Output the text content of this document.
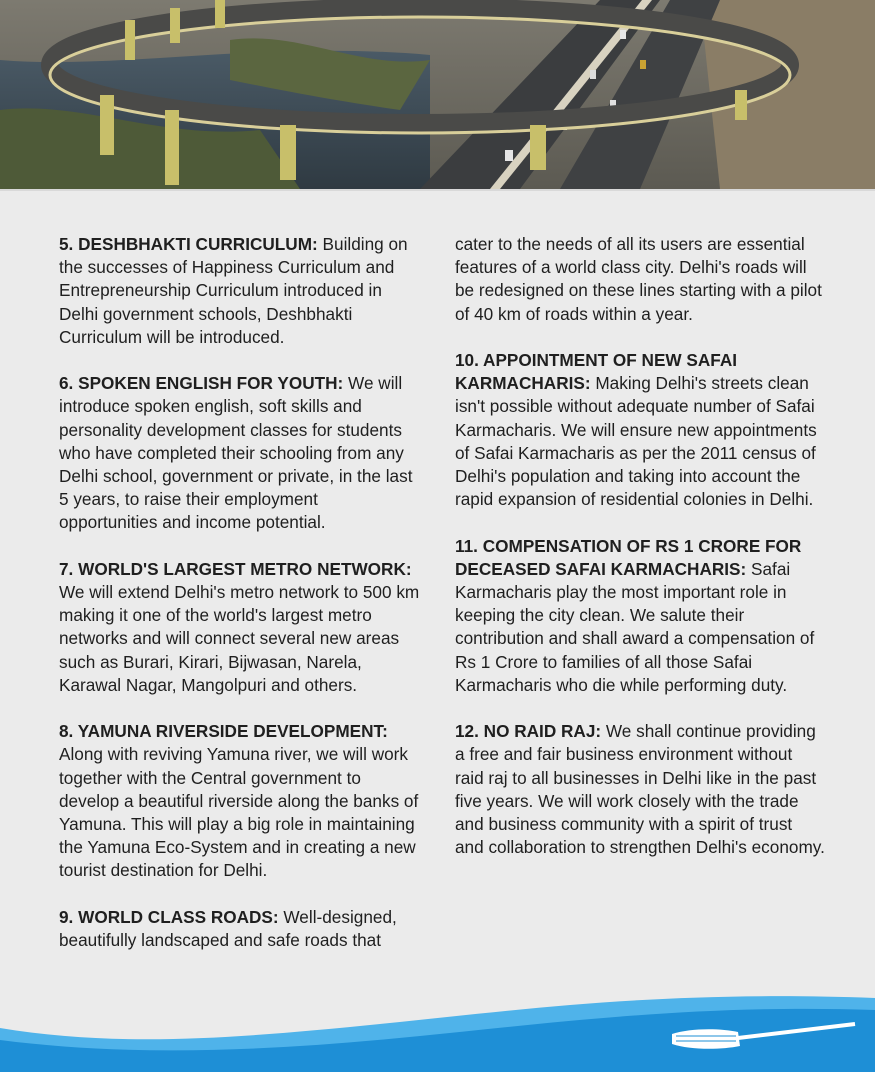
5. DESHBHAKTI CURRICULUM: Building on the successes of Happiness Curriculum and Entrepreneurship Curriculum introduced in Delhi government schools, Deshbhakti Curriculum will be introduced.

6. SPOKEN ENGLISH FOR YOUTH: We will introduce spoken english, soft skills and personality development classes for students who have completed their schooling from any Delhi school, government or private, in the last 5 years, to raise their employment opportunities and income potential.

7. WORLD'S LARGEST METRO NETWORK: We will extend Delhi's metro network to 500 km making it one of the world's largest metro networks and will connect several new areas such as Burari, Kirari, Bijwasan, Narela, Karawal Nagar, Mangolpuri and others.

8. YAMUNA RIVERSIDE DEVELOPMENT: Along with reviving Yamuna river, we will work together with the Central government to develop a beautiful riverside along the banks of Yamuna. This will play a big role in maintaining the Yamuna Eco-System and in creating a new tourist destination for Delhi.

9. WORLD CLASS ROADS: Well-designed, beautifully landscaped and safe roads that

cater to the needs of all its users are essential features of a world class city. Delhi's roads will be redesigned on these lines starting with a pilot of 40 km of roads within a year.

10. APPOINTMENT OF NEW SAFAI KARMACHARIS: Making Delhi's streets clean isn't possible without adequate number of Safai Karmacharis. We will ensure new appointments of Safai Karmacharis as per the 2011 census of Delhi's population and taking into account the rapid expansion of residential colonies in Delhi.

11. COMPENSATION OF RS 1 CRORE FOR DECEASED SAFAI KARMACHARIS: Safai Karmacharis play the most important role in keeping the city clean. We salute their contribution and shall award a compensation of Rs 1 Crore to families of all those Safai Karmacharis who die while performing duty.

12. NO RAID RAJ: We shall continue providing a free and fair business environment without raid raj to all businesses in Delhi like in the past five years. We will work closely with the trade and business community with a spirit of trust and collaboration to strengthen Delhi's economy.
